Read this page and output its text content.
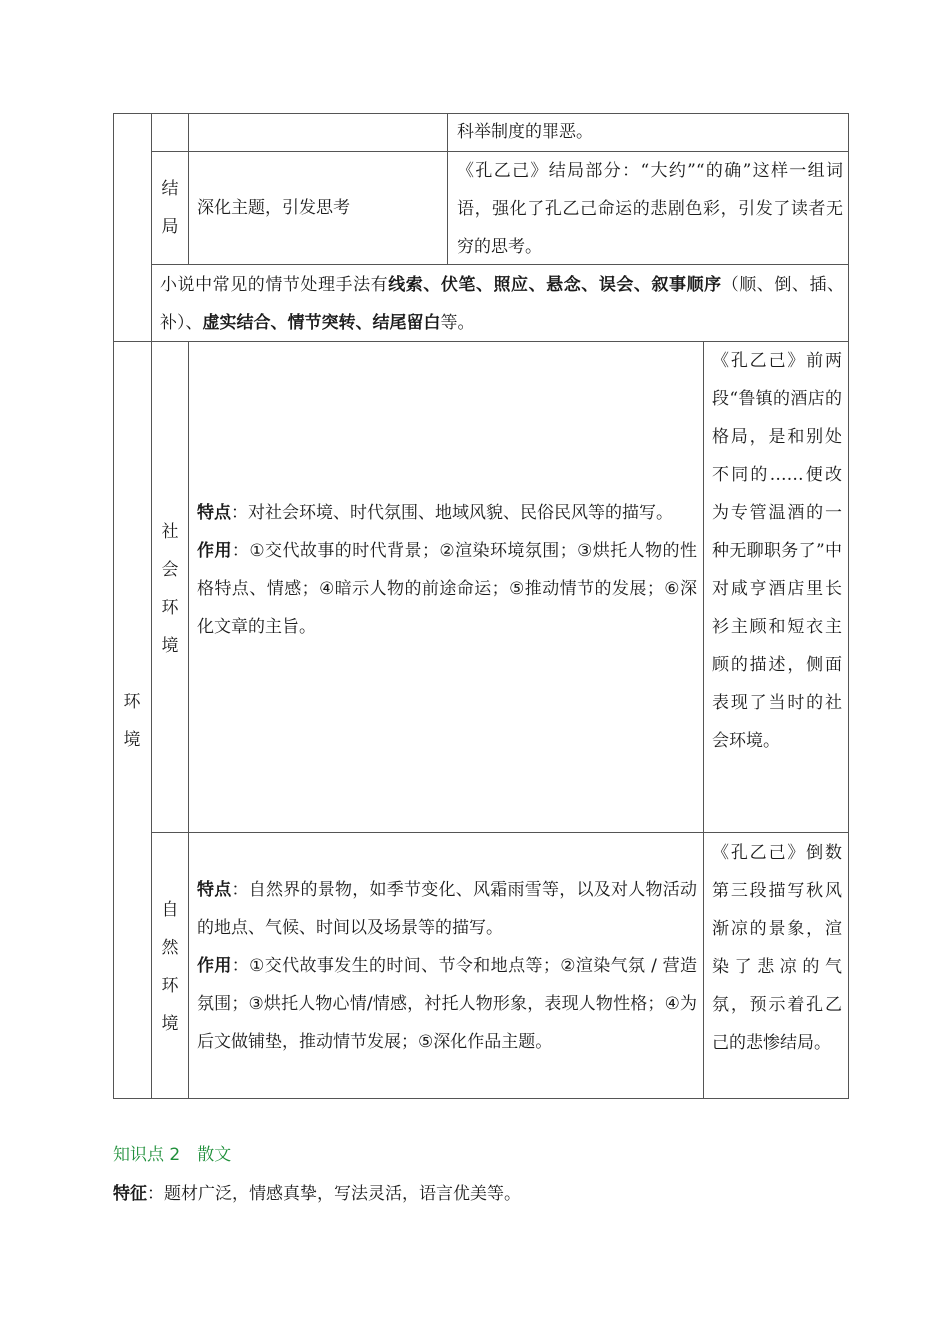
科举制度的罪恶。
结
局
深化主题，引发思考
《孔乙己》结局部分：“大约”“的确”这样一组词语，强化了孔乙己命运的悲剧色彩，引发了读者无穷的思考。
小说中常见的情节处理手法有线索、伏笔、照应、悬念、误会、叙事顺序（顺、倒、插、补）、虚实结合、情节突转、结尾留白等。
环
境
社
会
环
境
特点：对社会环境、时代氛围、地域风貌、民俗民风等的描写。
作用：①交代故事的时代背景；②渲染环境氛围；③烘托人物的性格特点、情感；④暗示人物的前途命运；⑤推动情节的发展；⑥深化文章的主旨。
《孔乙己》前两段“鲁镇的酒店的格局，是和别处不同的……便改为专管温酒的一种无聊职务了”中对咸亨酒店里长衫主顾和短衣主顾的描述，侧面表现了当时的社会环境。
自
然
环
境
特点：自然界的景物，如季节变化、风霜雨雪等，以及对人物活动的地点、气候、时间以及场景等的描写。
作用：①交代故事发生的时间、节令和地点等；②渲染气氛 / 营造氛围；③烘托人物心情/情感，衬托人物形象，表现人物性格；④为后文做铺垫，推动情节发展；⑤深化作品主题。
《孔乙己》倒数第三段描写秋风渐凉的景象，渲染了悲凉的气氛，预示着孔乙己的悲惨结局。
知识点 2　散文
特征：题材广泛，情感真挚，写法灵活，语言优美等。
